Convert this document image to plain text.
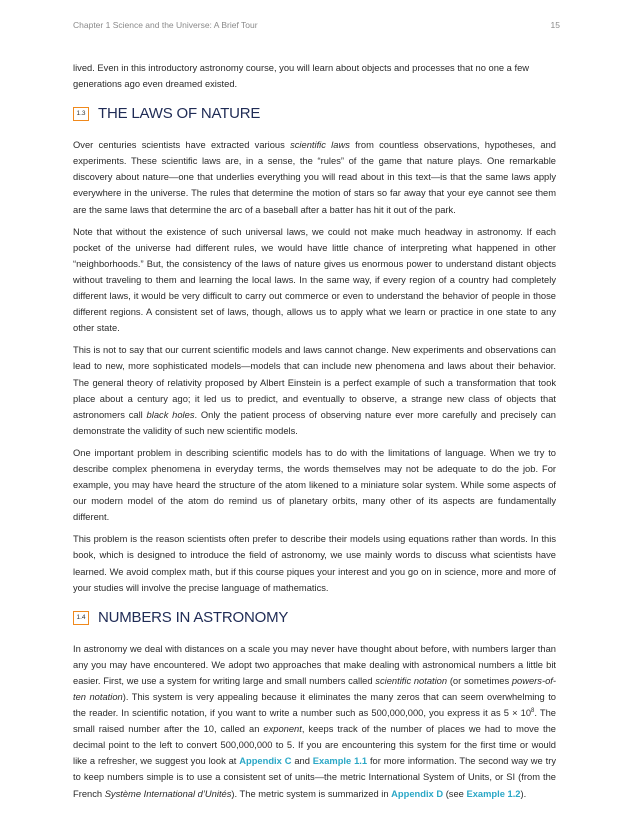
Chapter 1 Science and the Universe: A Brief Tour	15

lived. Even in this introductory astronomy course, you will learn about objects and processes that no one a few generations ago even dreamed existed.

1.3 THE LAWS OF NATURE

Over centuries scientists have extracted various scientific laws from countless observations, hypotheses, and experiments. These scientific laws are, in a sense, the “rules” of the game that nature plays. One remarkable discovery about nature—one that underlies everything you will read about in this text—is that the same laws apply everywhere in the universe. The rules that determine the motion of stars so far away that your eye cannot see them are the same laws that determine the arc of a baseball after a batter has hit it out of the park.

Note that without the existence of such universal laws, we could not make much headway in astronomy. If each pocket of the universe had different rules, we would have little chance of interpreting what happened in other “neighborhoods.” But, the consistency of the laws of nature gives us enormous power to understand distant objects without traveling to them and learning the local laws. In the same way, if every region of a country had completely different laws, it would be very difficult to carry out commerce or even to understand the behavior of people in those different regions. A consistent set of laws, though, allows us to apply what we learn or practice in one state to any other state.

This is not to say that our current scientific models and laws cannot change. New experiments and observations can lead to new, more sophisticated models—models that can include new phenomena and laws about their behavior. The general theory of relativity proposed by Albert Einstein is a perfect example of such a transformation that took place about a century ago; it led us to predict, and eventually to observe, a strange new class of objects that astronomers call black holes. Only the patient process of observing nature ever more carefully and precisely can demonstrate the validity of such new scientific models.

One important problem in describing scientific models has to do with the limitations of language. When we try to describe complex phenomena in everyday terms, the words themselves may not be adequate to do the job. For example, you may have heard the structure of the atom likened to a miniature solar system. While some aspects of our modern model of the atom do remind us of planetary orbits, many other of its aspects are fundamentally different.

This problem is the reason scientists often prefer to describe their models using equations rather than words. In this book, which is designed to introduce the field of astronomy, we use mainly words to discuss what scientists have learned. We avoid complex math, but if this course piques your interest and you go on in science, more and more of your studies will involve the precise language of mathematics.

1.4 NUMBERS IN ASTRONOMY

In astronomy we deal with distances on a scale you may never have thought about before, with numbers larger than any you may have encountered. We adopt two approaches that make dealing with astronomical numbers a little bit easier. First, we use a system for writing large and small numbers called scientific notation (or sometimes powers-of-ten notation). This system is very appealing because it eliminates the many zeros that can seem overwhelming to the reader. In scientific notation, if you want to write a number such as 500,000,000, you express it as $5 \times 10^8$. The small raised number after the 10, called an exponent, keeps track of the number of places we had to move the decimal point to the left to convert 500,000,000 to 5. If you are encountering this system for the first time or would like a refresher, we suggest you look at Appendix C and Example 1.1 for more information. The second way we try to keep numbers simple is to use a consistent set of units—the metric International System of Units, or SI (from the French Système International d’Unités). The metric system is summarized in Appendix D (see Example 1.2).
